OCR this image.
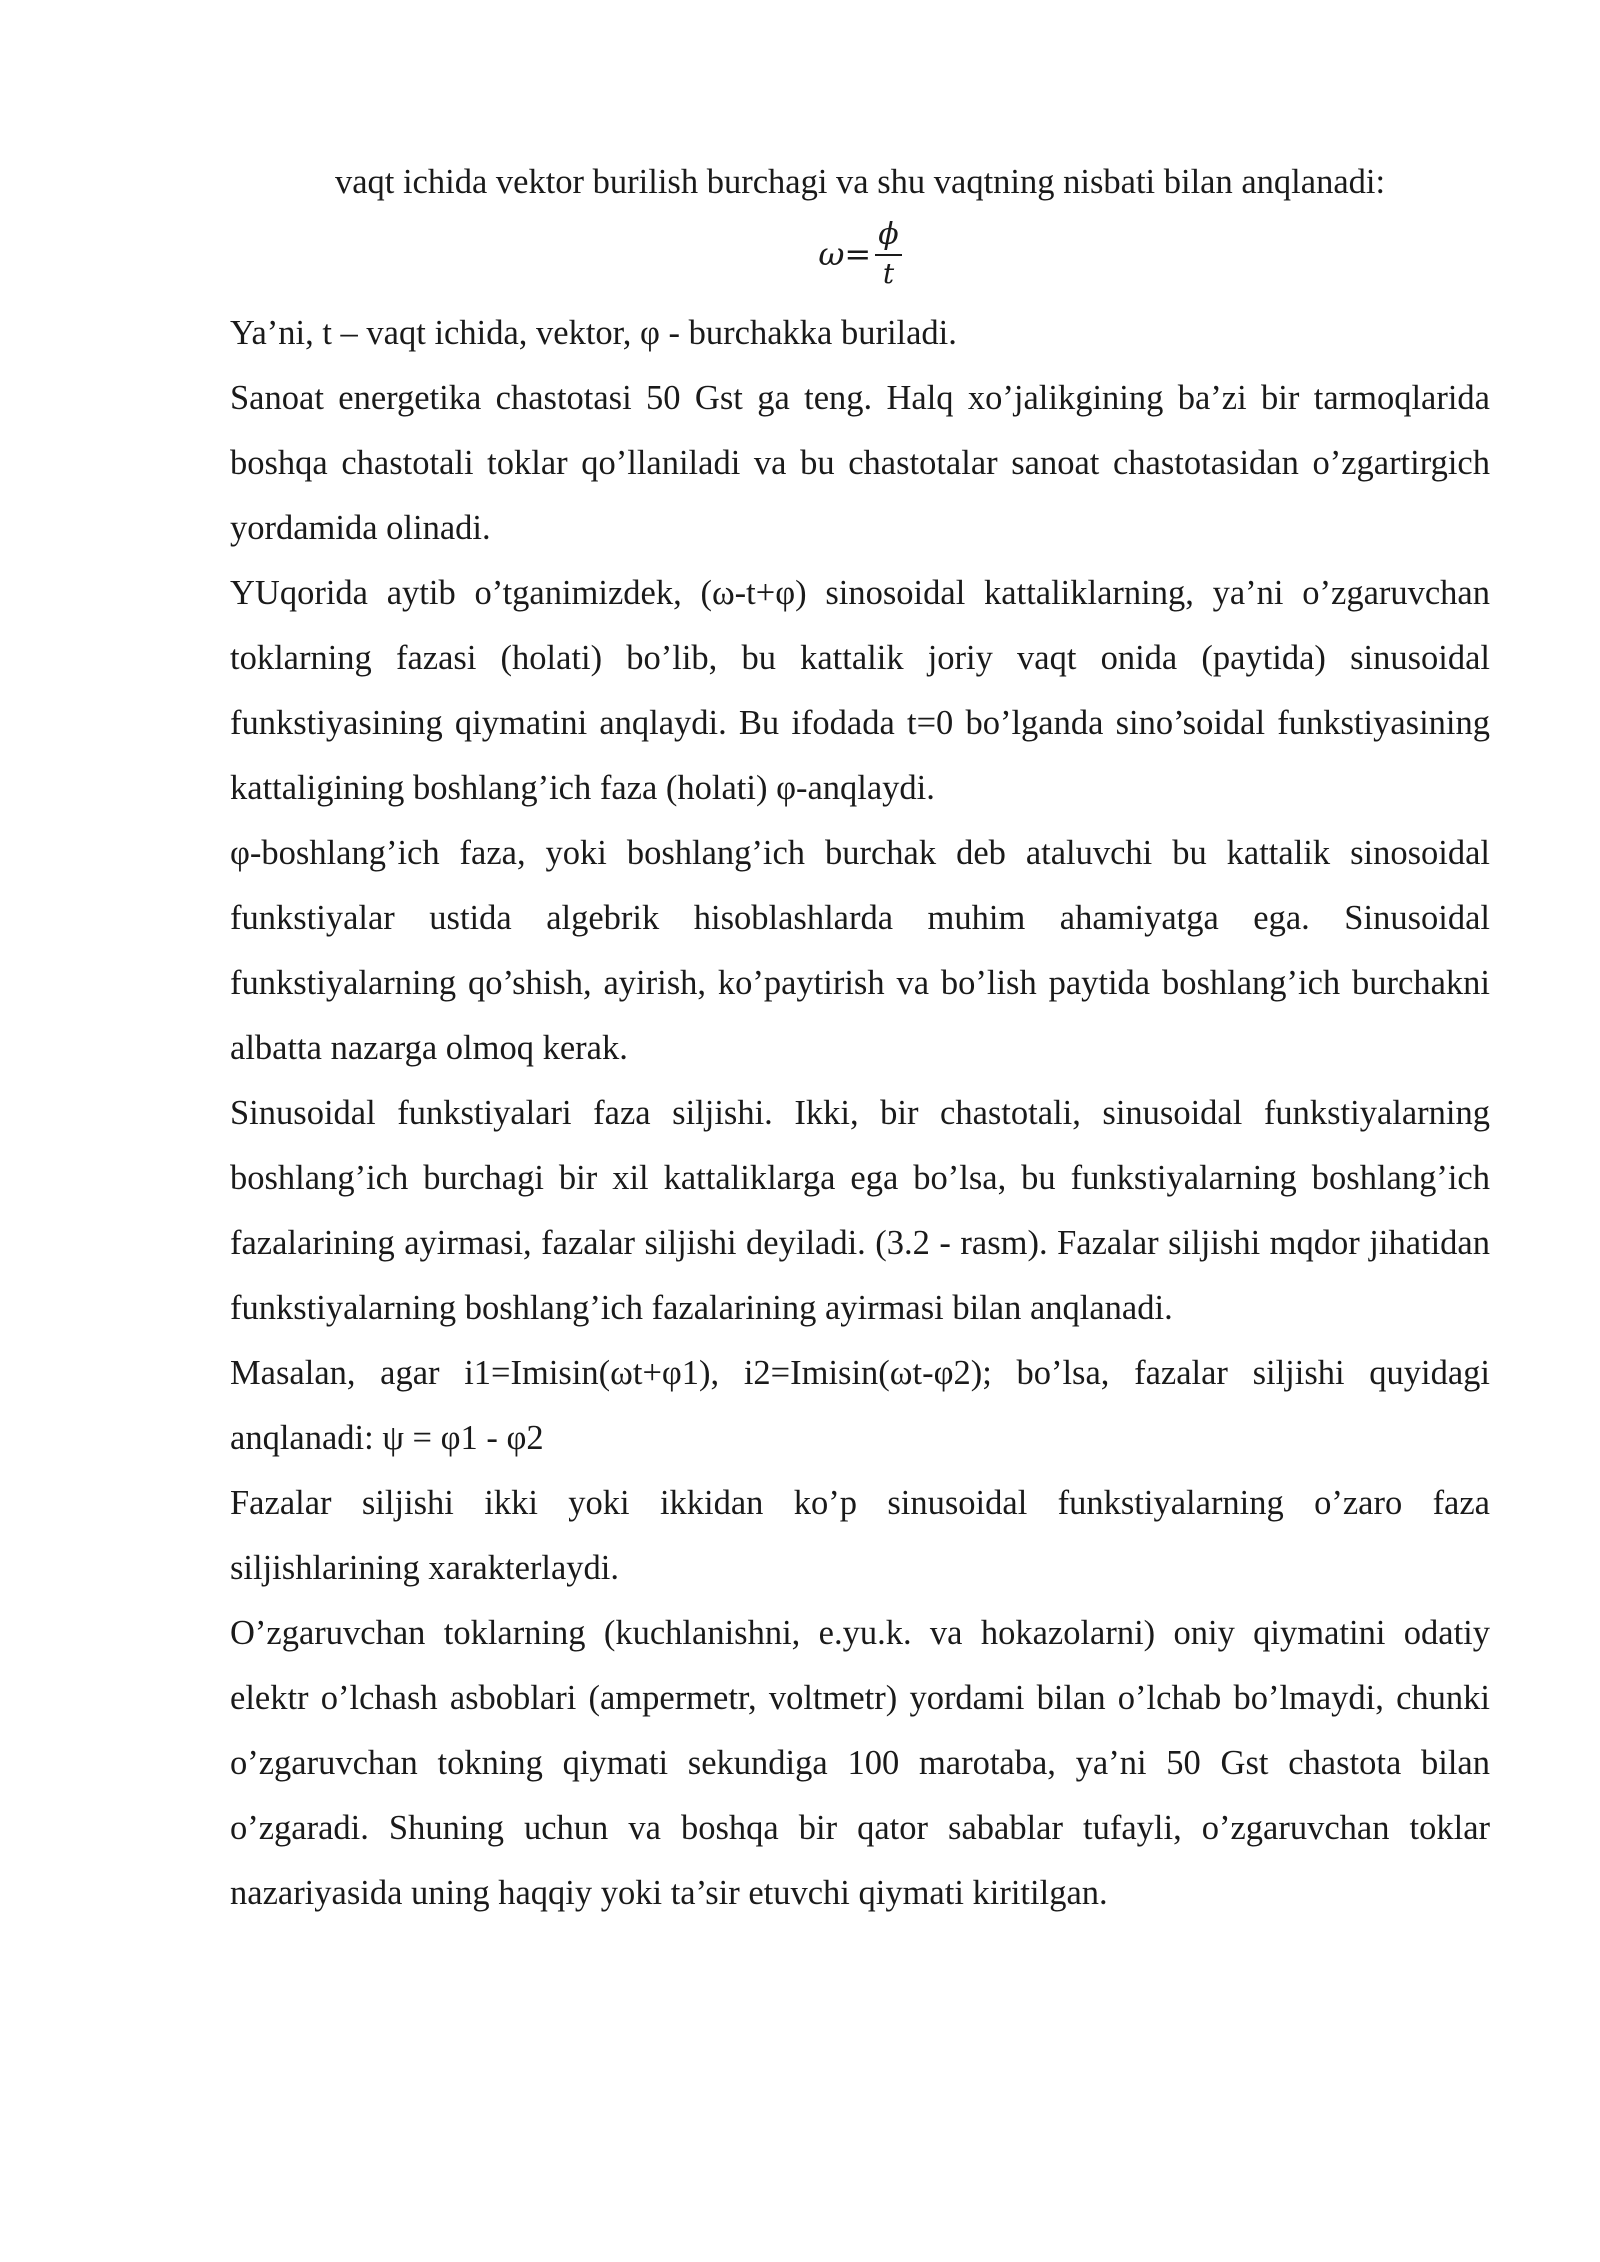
vaqt ichida vektor burilish burchagi va shu vaqtning nisbati bilan anqlanadi:

$\omega= \frac{\phi}{t}$

Ya’ni, t – vaqt ichida, vektor, φ - burchakka buriladi.

Sanoat energetika chastotasi 50 Gst ga teng. Halq xo’jalikgining ba’zi bir tarmoqlarida boshqa chastotali toklar qo’llaniladi va bu chastotalar sanoat chastotasidan o’zgartirgich yordamida olinadi.

YUqorida aytib o’tganimizdek, (ω-t+φ) sinosoidal kattaliklarning, ya’ni o’zgaruvchan toklarning fazasi (holati) bo’lib, bu kattalik joriy vaqt onida (paytida) sinusoidal funkstiyasining qiymatini anqlaydi. Bu ifodada t=0 bo’lganda sino’soidal funkstiyasining kattaligining boshlang’ich faza (holati) φ-anqlaydi.

φ-boshlang’ich faza, yoki boshlang’ich burchak deb ataluvchi bu kattalik sinosoidal funkstiyalar ustida algebrik hisoblashlarda muhim ahamiyatga ega. Sinusoidal funkstiyalarning qo’shish, ayirish, ko’paytirish va bo’lish paytida boshlang’ich burchakni albatta nazarga olmoq kerak.

Sinusoidal funkstiyalari faza siljishi. Ikki, bir chastotali, sinusoidal funkstiyalarning boshlang’ich burchagi bir xil kattaliklarga ega bo’lsa, bu funkstiyalarning boshlang’ich fazalarining ayirmasi, fazalar siljishi deyiladi. (3.2 - rasm). Fazalar siljishi mqdor jihatidan funkstiyalarning boshlang’ich fazalarining ayirmasi bilan anqlanadi.

Masalan, agar i1=Imisin(ωt+φ1), i2=Imisin(ωt-φ2); bo’lsa, fazalar siljishi quyidagi anqlanadi: ψ = φ1 - φ2

Fazalar siljishi ikki yoki ikkidan ko’p sinusoidal funkstiyalarning o’zaro faza siljishlarining xarakterlaydi.

O’zgaruvchan toklarning (kuchlanishni, e.yu.k. va hokazolarni) oniy qiymatini odatiy elektr o’lchash asboblari (ampermetr, voltmetr) yordami bilan o’lchab bo’lmaydi, chunki o’zgaruvchan tokning qiymati sekundiga 100 marotaba, ya’ni 50 Gst chastota bilan o’zgaradi. Shuning uchun va boshqa bir qator sabablar tufayli, o’zgaruvchan toklar nazariyasida uning haqqiy yoki ta’sir etuvchi qiymati kiritilgan.
